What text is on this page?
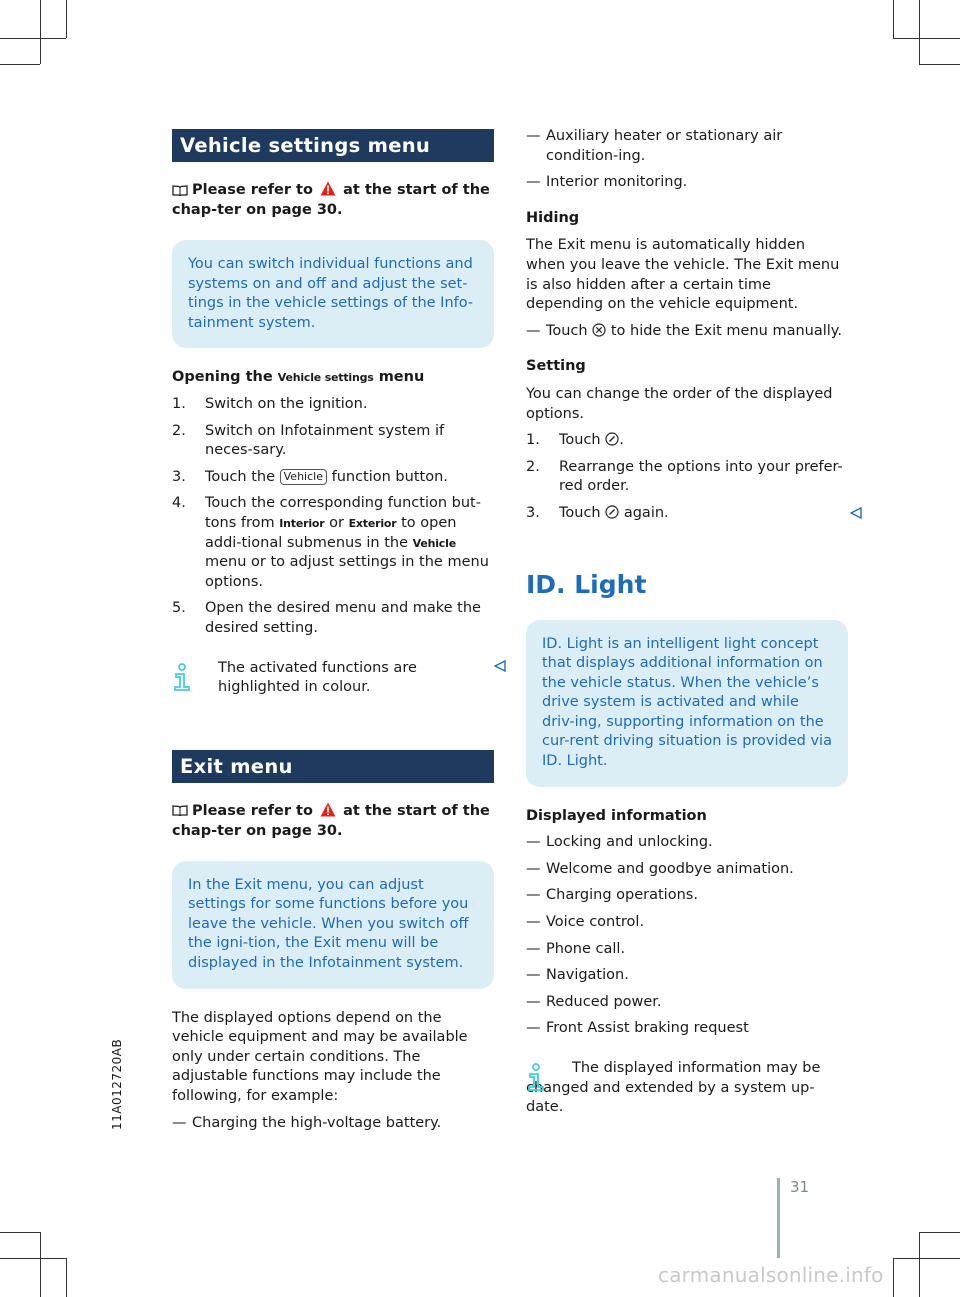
Vehicle settings menu
Please refer to at the start of the chap-ter on page 30.
You can switch individual functions and systems on and off and adjust the set-tings in the vehicle settings of the Info-tainment system.
Opening the Vehicle settings menu
1. Switch on the ignition.
2. Switch on Infotainment system if neces-sary.
3. Touch the Vehicle function button.
4. Touch the corresponding function but-tons from Interior or Exterior to open addi-tional submenus in the Vehicle menu or to adjust settings in the menu options.
5. Open the desired menu and make the desired setting.
The activated functions are highlighted in colour.
Exit menu
Please refer to at the start of the chap-ter on page 30.
In the Exit menu, you can adjust settings for some functions before you leave the vehicle. When you switch off the igni-tion, the Exit menu will be displayed in the Infotainment system.

The displayed options depend on the vehicle equipment and may be available only under certain conditions. The adjustable functions may include the following, for example:

— Charging the high-voltage battery.
— Auxiliary heater or stationary air condition-ing.
— Interior monitoring.
Hiding

The Exit menu is automatically hidden when you leave the vehicle. The Exit menu is also hidden after a certain time depending on the vehicle equipment.

— Touch to hide the Exit menu manually.
Setting

You can change the order of the displayed options.

1. Touch .
2. Rearrange the options into your prefer-red order.
3. Touch again.
ID. Light
ID. Light is an intelligent light concept that displays additional information on the vehicle status. When the vehicle’s drive system is activated and while driv-ing, supporting information on the cur-rent driving situation is provided via ID. Light.
Displayed information
— Locking and unlocking.
— Welcome and goodbye animation.
— Charging operations.
— Voice control.
— Phone call.
— Navigation.
— Reduced power.
— Front Assist braking request
The displayed information may be changed and extended by a system up-date.
11A012720AB
31
carmanualsonline.info
